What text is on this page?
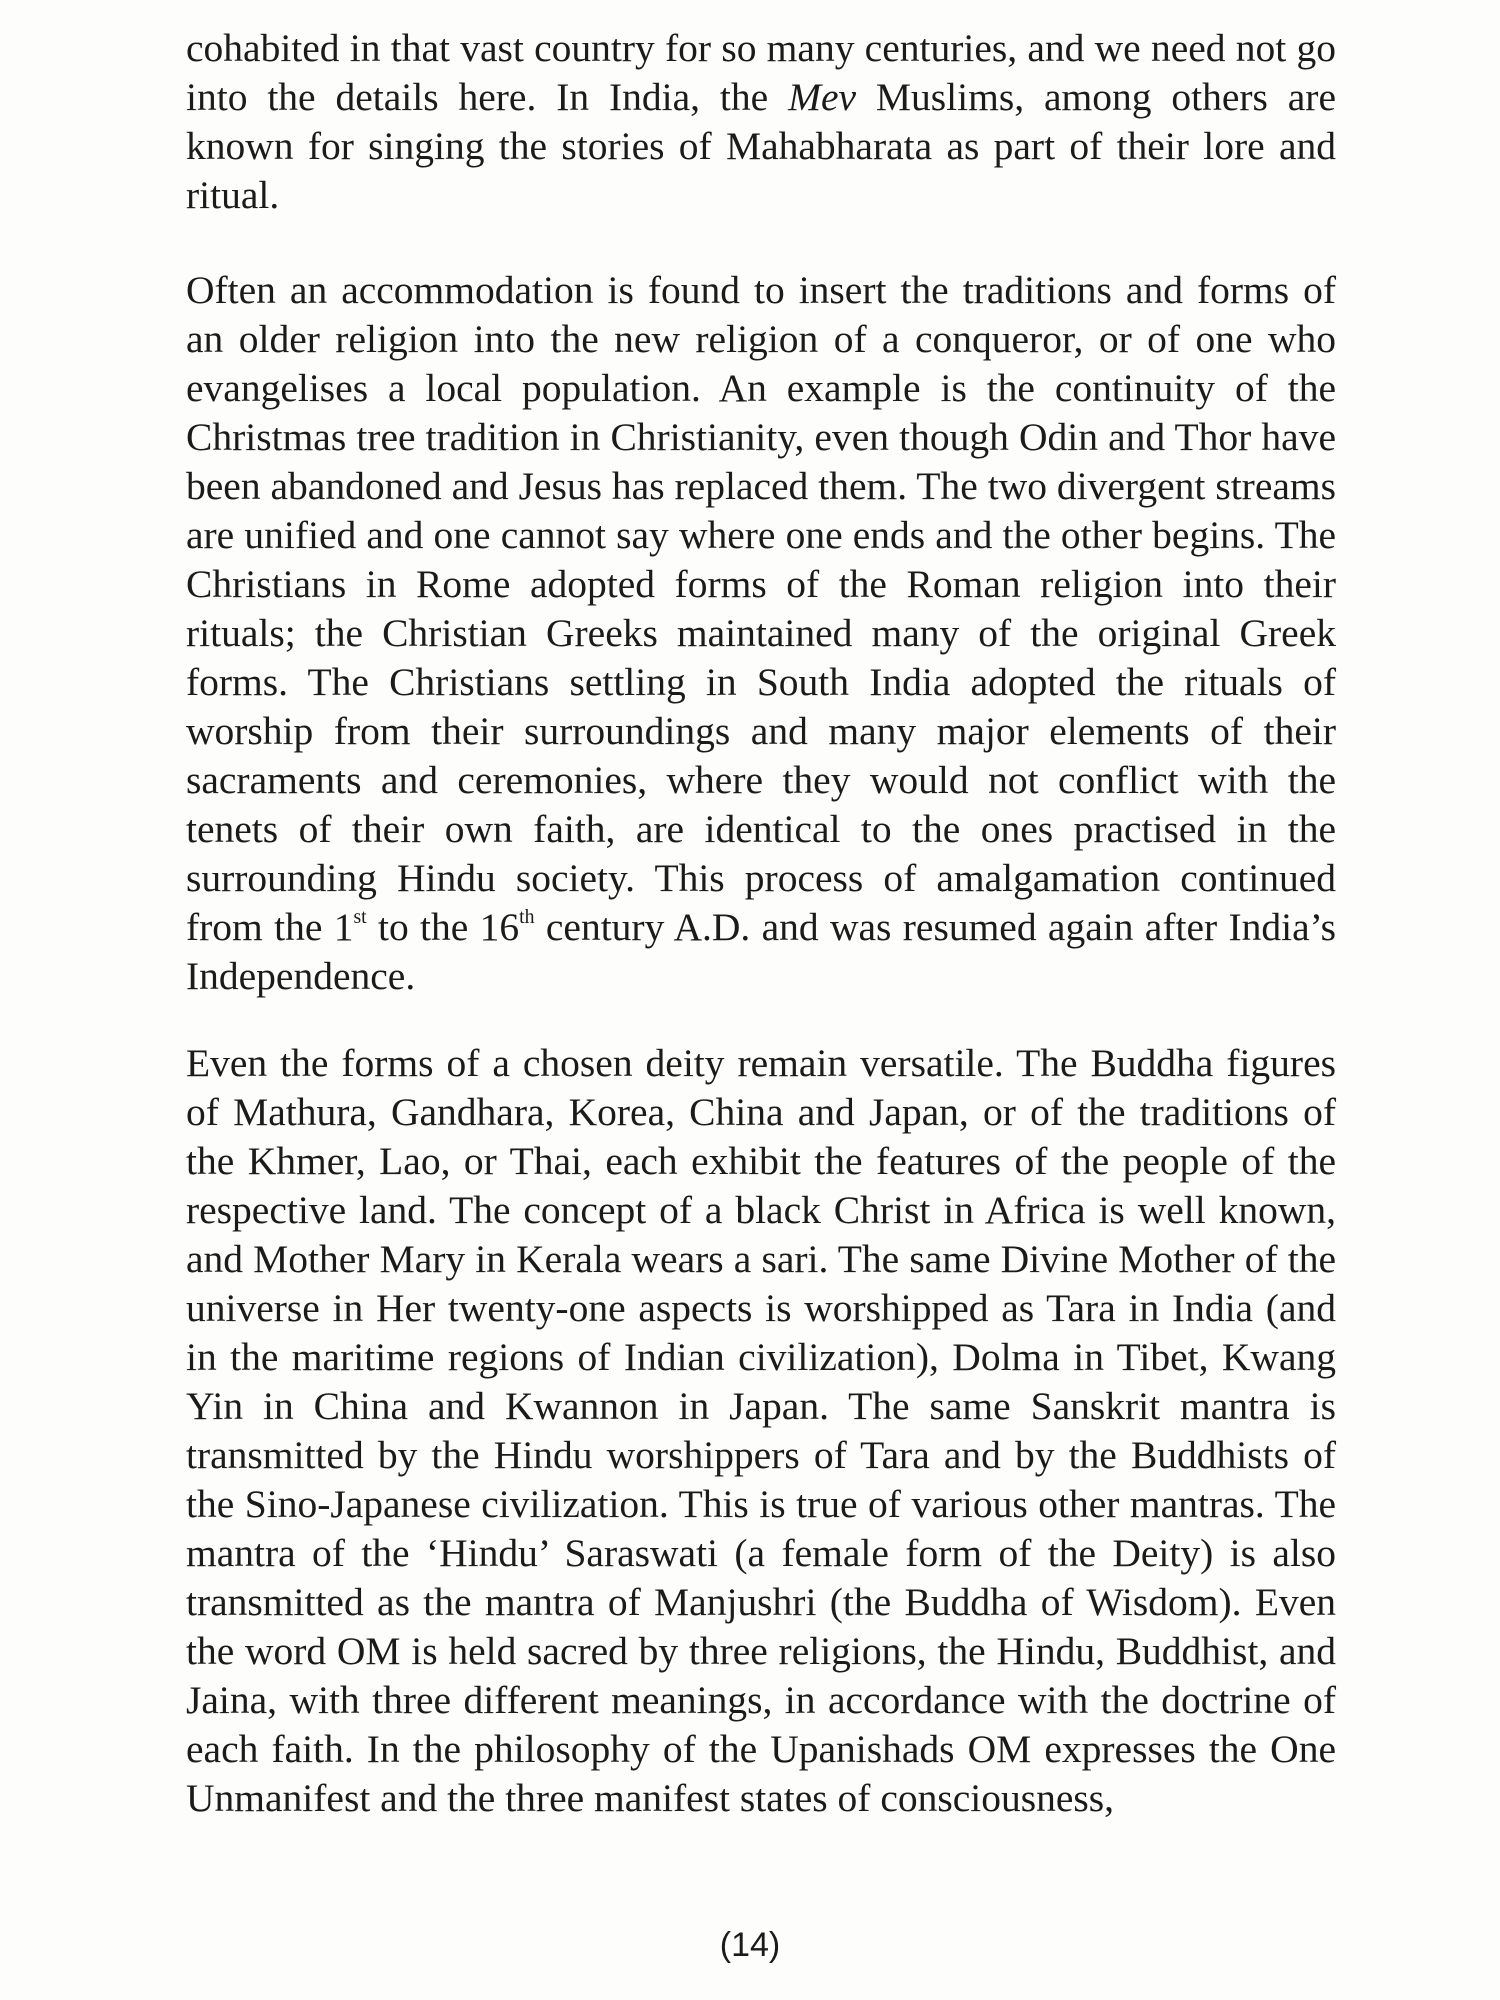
cohabited in that vast country for so many centuries, and we need not go into the details here. In India, the Mev Muslims, among others are known for singing the stories of Mahabharata as part of their lore and ritual.

Often an accommodation is found to insert the traditions and forms of an older religion into the new religion of a conqueror, or of one who evangelises a local population. An example is the continuity of the Christmas tree tradition in Christianity, even though Odin and Thor have been abandoned and Jesus has replaced them. The two divergent streams are unified and one cannot say where one ends and the other begins. The Christians in Rome adopted forms of the Roman religion into their rituals; the Christian Greeks maintained many of the original Greek forms. The Christians settling in South India adopted the rituals of worship from their surroundings and many major elements of their sacraments and ceremonies, where they would not conflict with the tenets of their own faith, are identical to the ones practised in the surrounding Hindu society. This process of amalgamation continued from the 1st to the 16th century A.D. and was resumed again after India’s Independence.

Even the forms of a chosen deity remain versatile. The Buddha figures of Mathura, Gandhara, Korea, China and Japan, or of the traditions of the Khmer, Lao, or Thai, each exhibit the features of the people of the respective land. The concept of a black Christ in Africa is well known, and Mother Mary in Kerala wears a sari. The same Divine Mother of the universe in Her twenty-one aspects is worshipped as Tara in India (and in the maritime regions of Indian civilization), Dolma in Tibet, Kwang Yin in China and Kwannon in Japan. The same Sanskrit mantra is transmitted by the Hindu worshippers of Tara and by the Buddhists of the Sino-Japanese civilization. This is true of various other mantras. The mantra of the ‘Hindu’ Saraswati (a female form of the Deity) is also transmitted as the mantra of Manjushri (the Buddha of Wisdom). Even the word OM is held sacred by three religions, the Hindu, Buddhist, and Jaina, with three different meanings, in accordance with the doctrine of each faith. In the philosophy of the Upanishads OM expresses the One Unmanifest and the three manifest states of consciousness,

(14)
